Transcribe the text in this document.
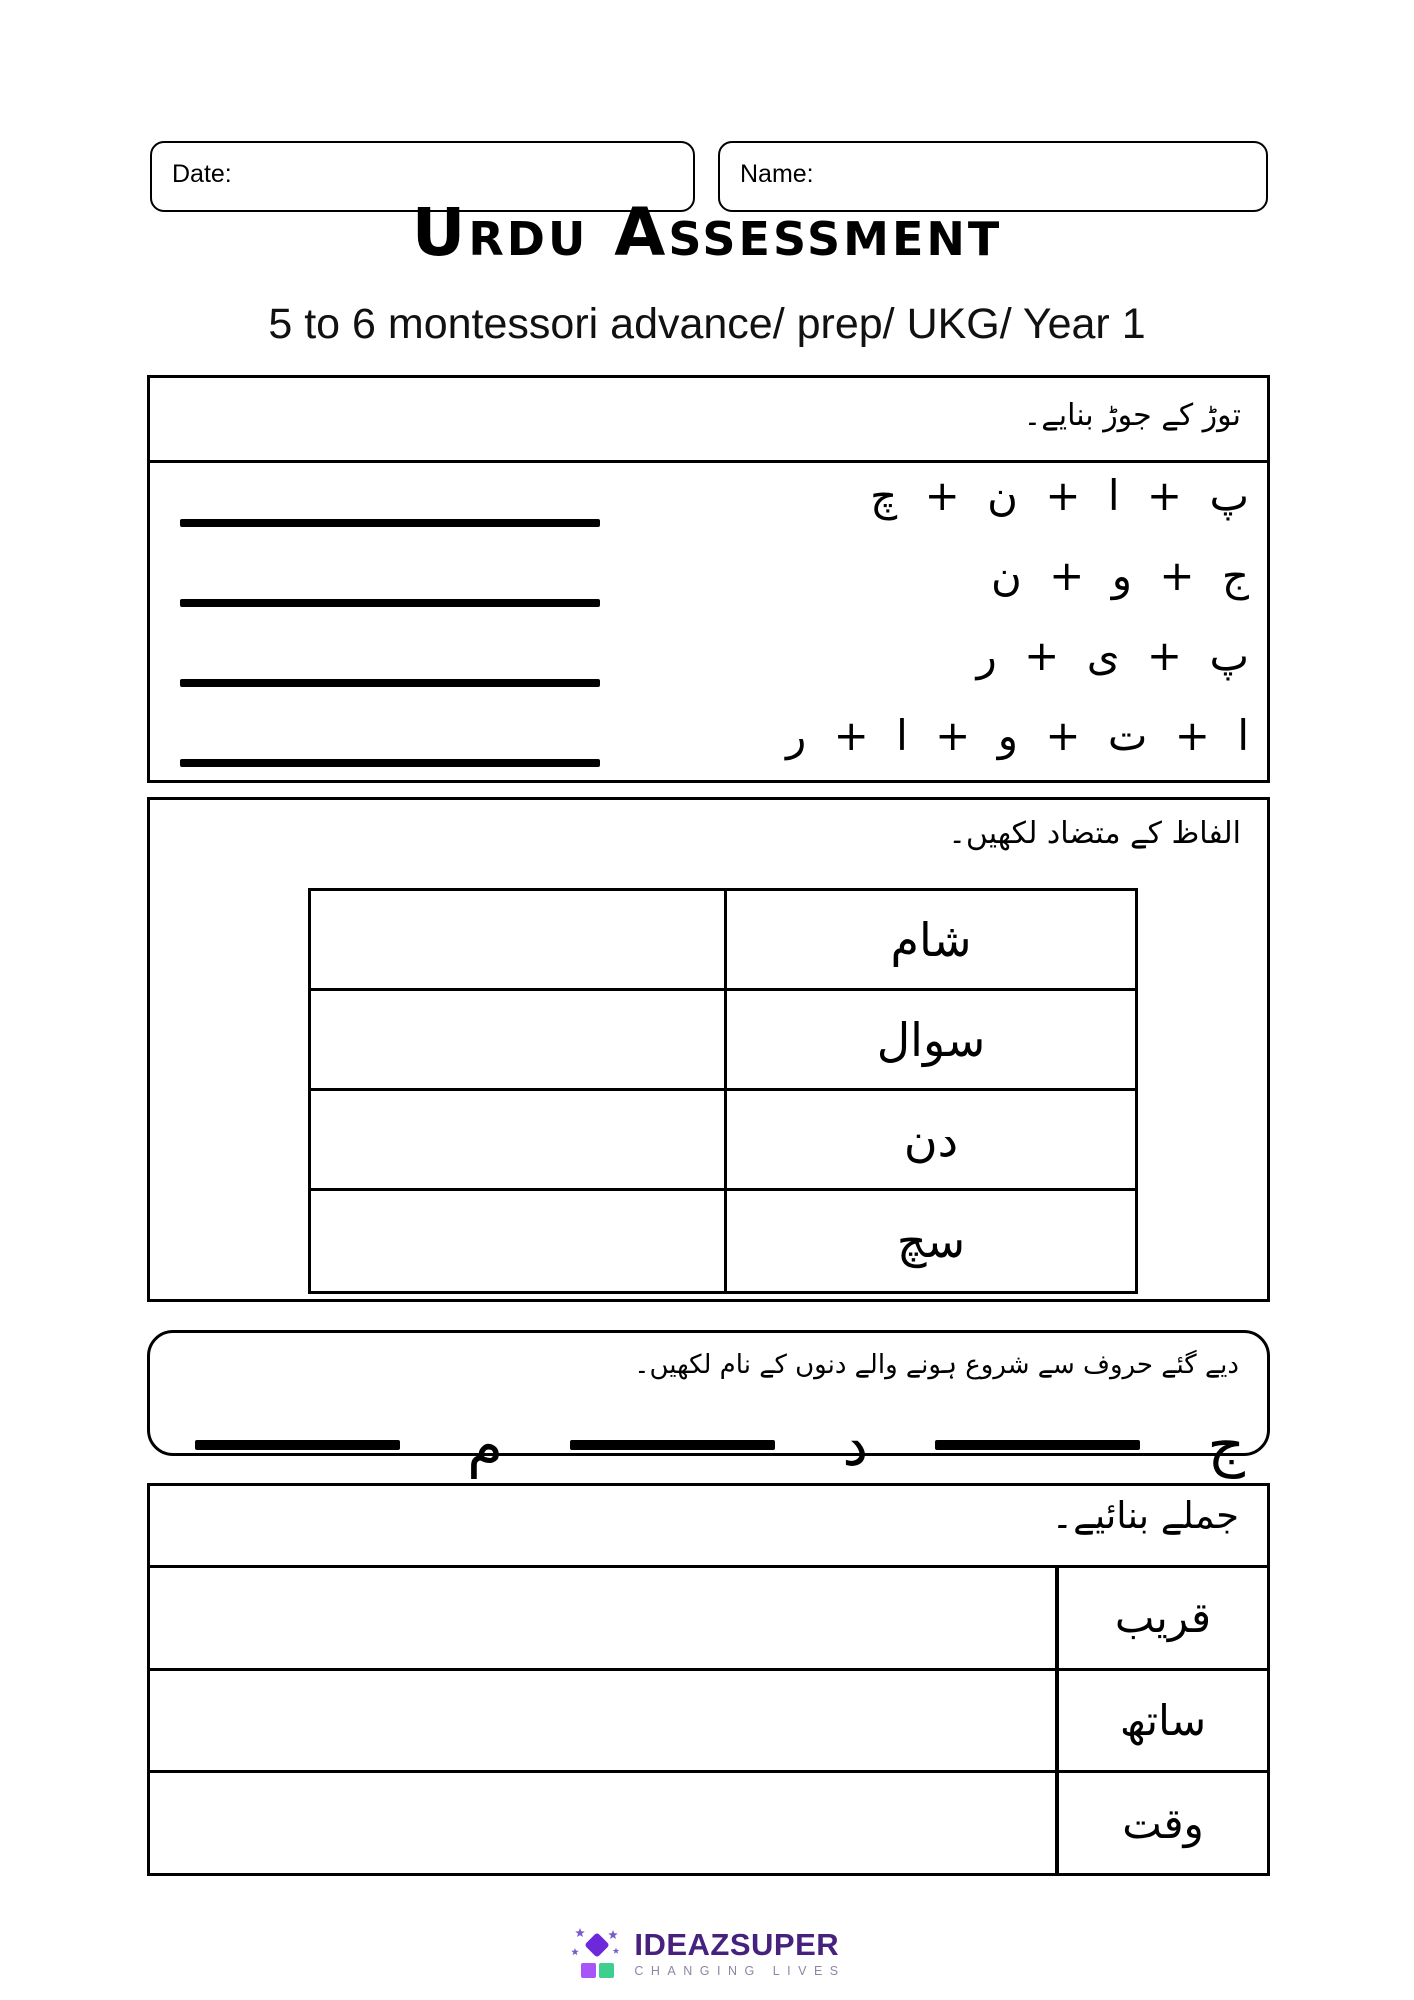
Date:	Name:
Urdu Assessment
5 to 6 montessori advance/ prep/ UKG/ Year 1
توڑ کے جوڑ بنایے۔
پ + ا + ن + چ
ج + و + ن
پ + ی + ر
ا + ت + و + ا + ر
الفاظ کے متضاد لکھیں۔
شام
سوال
دن
سچ
دیے گئے حروف سے شروع ہونے والے دنوں کے نام لکھیں۔
ج
د
م
جملے بنائیے۔
قریب
ساتھ
وقت
IDEAZSUPER
CHANGING LIVES
